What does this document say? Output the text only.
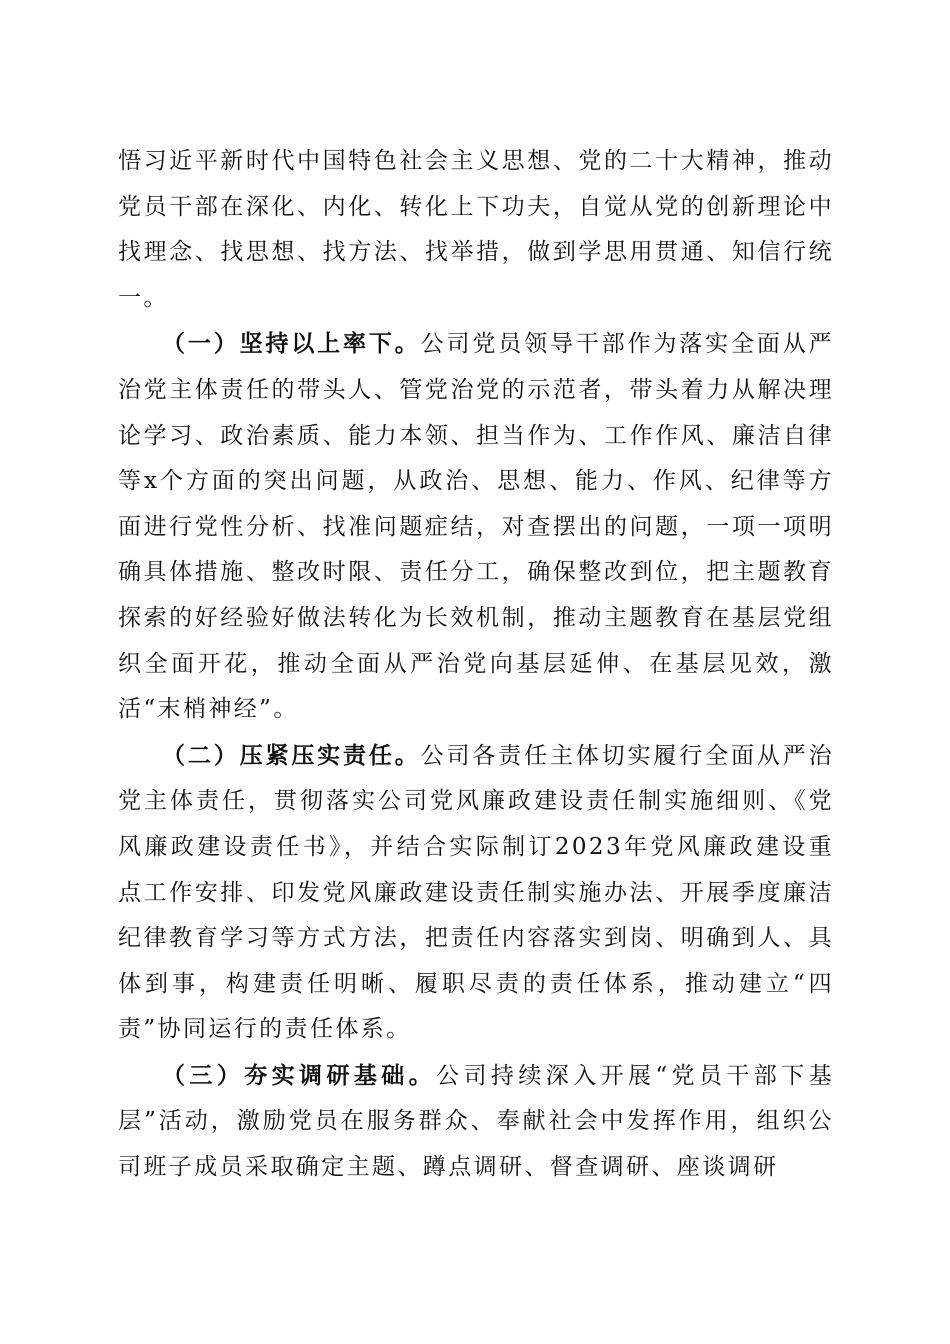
悟习近平新时代中国特色社会主义思想、党的二十大精神，推动党员干部在深化、内化、转化上下功夫，自觉从党的创新理论中找理念、找思想、找方法、找举措，做到学思用贯通、知信行统一。

（一）坚持以上率下。公司党员领导干部作为落实全面从严治党主体责任的带头人、管党治党的示范者，带头着力从解决理论学习、政治素质、能力本领、担当作为、工作作风、廉洁自律等x个方面的突出问题，从政治、思想、能力、作风、纪律等方面进行党性分析、找准问题症结，对查摆出的问题，一项一项明确具体措施、整改时限、责任分工，确保整改到位，把主题教育探索的好经验好做法转化为长效机制，推动主题教育在基层党组织全面开花，推动全面从严治党向基层延伸、在基层见效，激活“末梢神经”。

（二）压紧压实责任。公司各责任主体切实履行全面从严治党主体责任，贯彻落实公司党风廉政建设责任制实施细则、《党风廉政建设责任书》，并结合实际制订2023年党风廉政建设重点工作安排、印发党风廉政建设责任制实施办法、开展季度廉洁纪律教育学习等方式方法，把责任内容落实到岗、明确到人、具体到事，构建责任明晰、履职尽责的责任体系，推动建立“四责”协同运行的责任体系。

（三）夯实调研基础。公司持续深入开展“党员干部下基层”活动，激励党员在服务群众、奉献社会中发挥作用，组织公司班子成员采取确定主题、蹲点调研、督查调研、座谈调研
